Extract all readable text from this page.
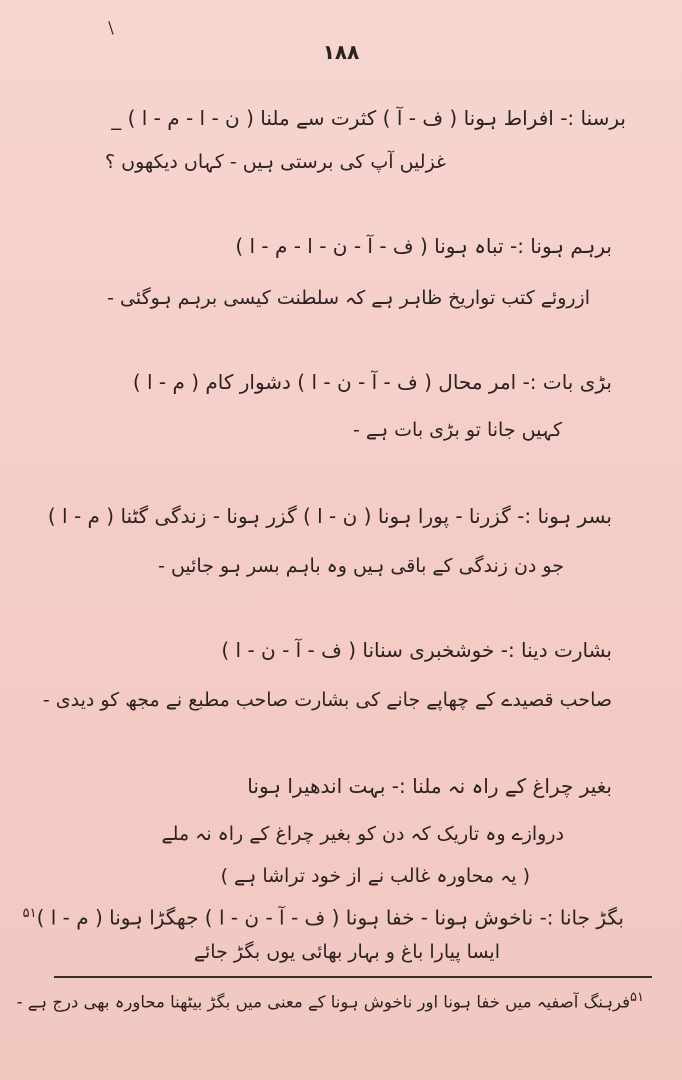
/
۱۸۸
برسنا :- افراط ہونا ( ف - آ ) کثرت سے ملنا ( ن - ا - م - ا ) _
غزلیں آپ کی برستی ہیں - کہاں دیکھوں ؟
برہم ہونا :- تباہ ہونا ( ف - آ - ن - ا - م - ا )
ازروئے کتب تواریخ ظاہر ہے کہ سلطنت کیسی برہم ہوگئی -
بڑی بات :- امر محال ( ف - آ - ن - ا ) دشوار کام ( م - ا )
کہیں جانا تو بڑی بات ہے -
بسر ہونا :- گزرنا - پورا ہونا ( ن - ا ) گزر ہونا - زندگی گٹنا ( م - ا )
جو دن زندگی کے باقی ہیں وہ باہم بسر ہو جائیں -
بشارت دینا :- خوشخبری سنانا ( ف - آ - ن - ا )
صاحب قصیدے کے چھاپے جانے کی بشارت صاحب مطبع نے مجھ کو دیدی -
بغیر چراغ کے راہ نہ ملنا :- بہت اندھیرا ہونا
دروازے وہ تاریک کہ دن کو بغیر چراغ کے راہ نہ ملے
( یہ محاورہ غالب نے از خود تراشا ہے )
بگڑ جانا :- ناخوش ہونا - خفا ہونا ( ف - آ - ن - ا ) جھگڑا ہونا ( م - ا )$^{۵۱}$
ایسا پیارا باغ و بہار بھائی یوں بگڑ جائے
$^{۵۱}$فرہنگ آصفیہ میں خفا ہونا اور ناخوش ہونا کے معنی میں بگڑ بیٹھنا محاورہ بھی درج ہے -
